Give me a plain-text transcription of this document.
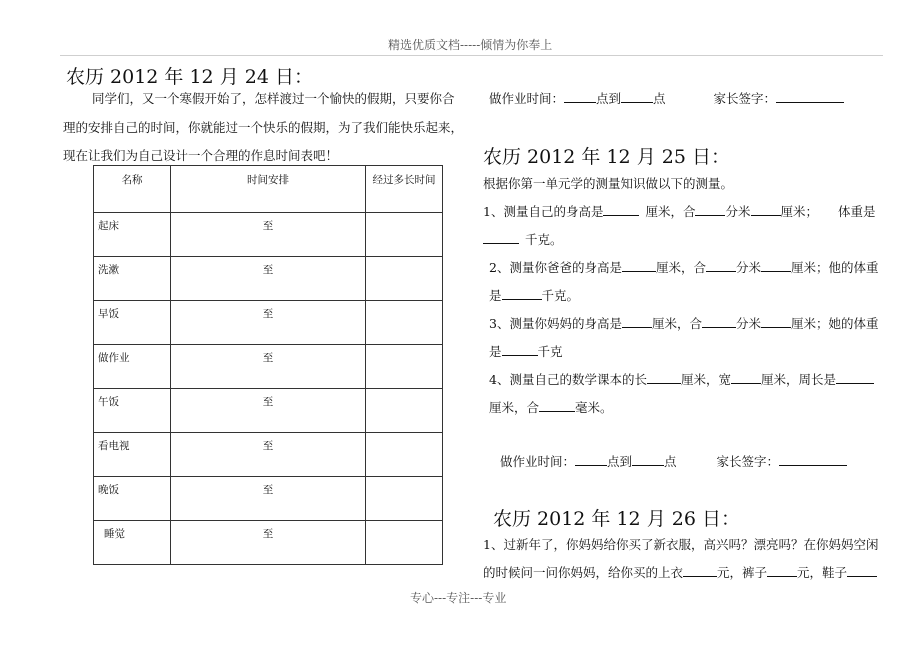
精选优质文档-----倾情为你奉上
专心---专注---专业
农历 2012 年 12 月 24 日：
同学们，又一个寒假开始了，怎样渡过一个愉快的假期，只要你合
理的安排自己的时间，你就能过一个快乐的假期，为了我们能快乐起来，
现在让我们为自己设计一个合理的作息时间表吧！
名称	时间安排	经过多长时间
起床	至	
洗漱	至	
早饭	至	
做作业	至	
午饭	至	
看电视	至	
晚饭	至	
睡觉	至	
做作业时间：	点到	点	家长签字：
农历 2012 年 12 月 25 日：
根据你第一单元学的测量知识做以下的测量。
1、测量自己的身高是	厘米，合 分米 厘米； 体重是
千克。
2、测量你爸爸的身高是	厘米，合 分米 厘米；他的体重
是	千克。
3、测量你妈妈的身高是 厘米，合	分米 厘米；她的体重
是	千克
4、测量自己的数学课本的长	厘米，宽 厘米，周长是
厘米，合	毫米。
做作业时间：	点到	点	家长签字：
农历 2012 年 12 月 26 日：
1、过新年了，你妈妈给你买了新衣服，高兴吗？漂亮吗？在你妈妈空闲
的时候问一问你妈妈，给你买的上衣	元，裤子 元，鞋子
